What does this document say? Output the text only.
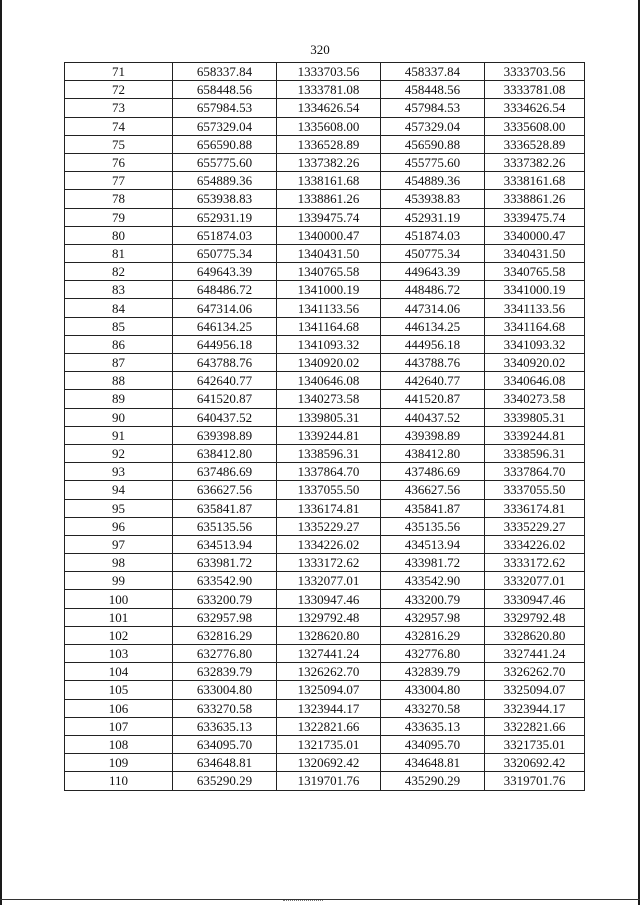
320
71	658337.84	1333703.56	458337.84	3333703.56
72	658448.56	1333781.08	458448.56	3333781.08
73	657984.53	1334626.54	457984.53	3334626.54
74	657329.04	1335608.00	457329.04	3335608.00
75	656590.88	1336528.89	456590.88	3336528.89
76	655775.60	1337382.26	455775.60	3337382.26
77	654889.36	1338161.68	454889.36	3338161.68
78	653938.83	1338861.26	453938.83	3338861.26
79	652931.19	1339475.74	452931.19	3339475.74
80	651874.03	1340000.47	451874.03	3340000.47
81	650775.34	1340431.50	450775.34	3340431.50
82	649643.39	1340765.58	449643.39	3340765.58
83	648486.72	1341000.19	448486.72	3341000.19
84	647314.06	1341133.56	447314.06	3341133.56
85	646134.25	1341164.68	446134.25	3341164.68
86	644956.18	1341093.32	444956.18	3341093.32
87	643788.76	1340920.02	443788.76	3340920.02
88	642640.77	1340646.08	442640.77	3340646.08
89	641520.87	1340273.58	441520.87	3340273.58
90	640437.52	1339805.31	440437.52	3339805.31
91	639398.89	1339244.81	439398.89	3339244.81
92	638412.80	1338596.31	438412.80	3338596.31
93	637486.69	1337864.70	437486.69	3337864.70
94	636627.56	1337055.50	436627.56	3337055.50
95	635841.87	1336174.81	435841.87	3336174.81
96	635135.56	1335229.27	435135.56	3335229.27
97	634513.94	1334226.02	434513.94	3334226.02
98	633981.72	1333172.62	433981.72	3333172.62
99	633542.90	1332077.01	433542.90	3332077.01
100	633200.79	1330947.46	433200.79	3330947.46
101	632957.98	1329792.48	432957.98	3329792.48
102	632816.29	1328620.80	432816.29	3328620.80
103	632776.80	1327441.24	432776.80	3327441.24
104	632839.79	1326262.70	432839.79	3326262.70
105	633004.80	1325094.07	433004.80	3325094.07
106	633270.58	1323944.17	433270.58	3323944.17
107	633635.13	1322821.66	433635.13	3322821.66
108	634095.70	1321735.01	434095.70	3321735.01
109	634648.81	1320692.42	434648.81	3320692.42
110	635290.29	1319701.76	435290.29	3319701.76
